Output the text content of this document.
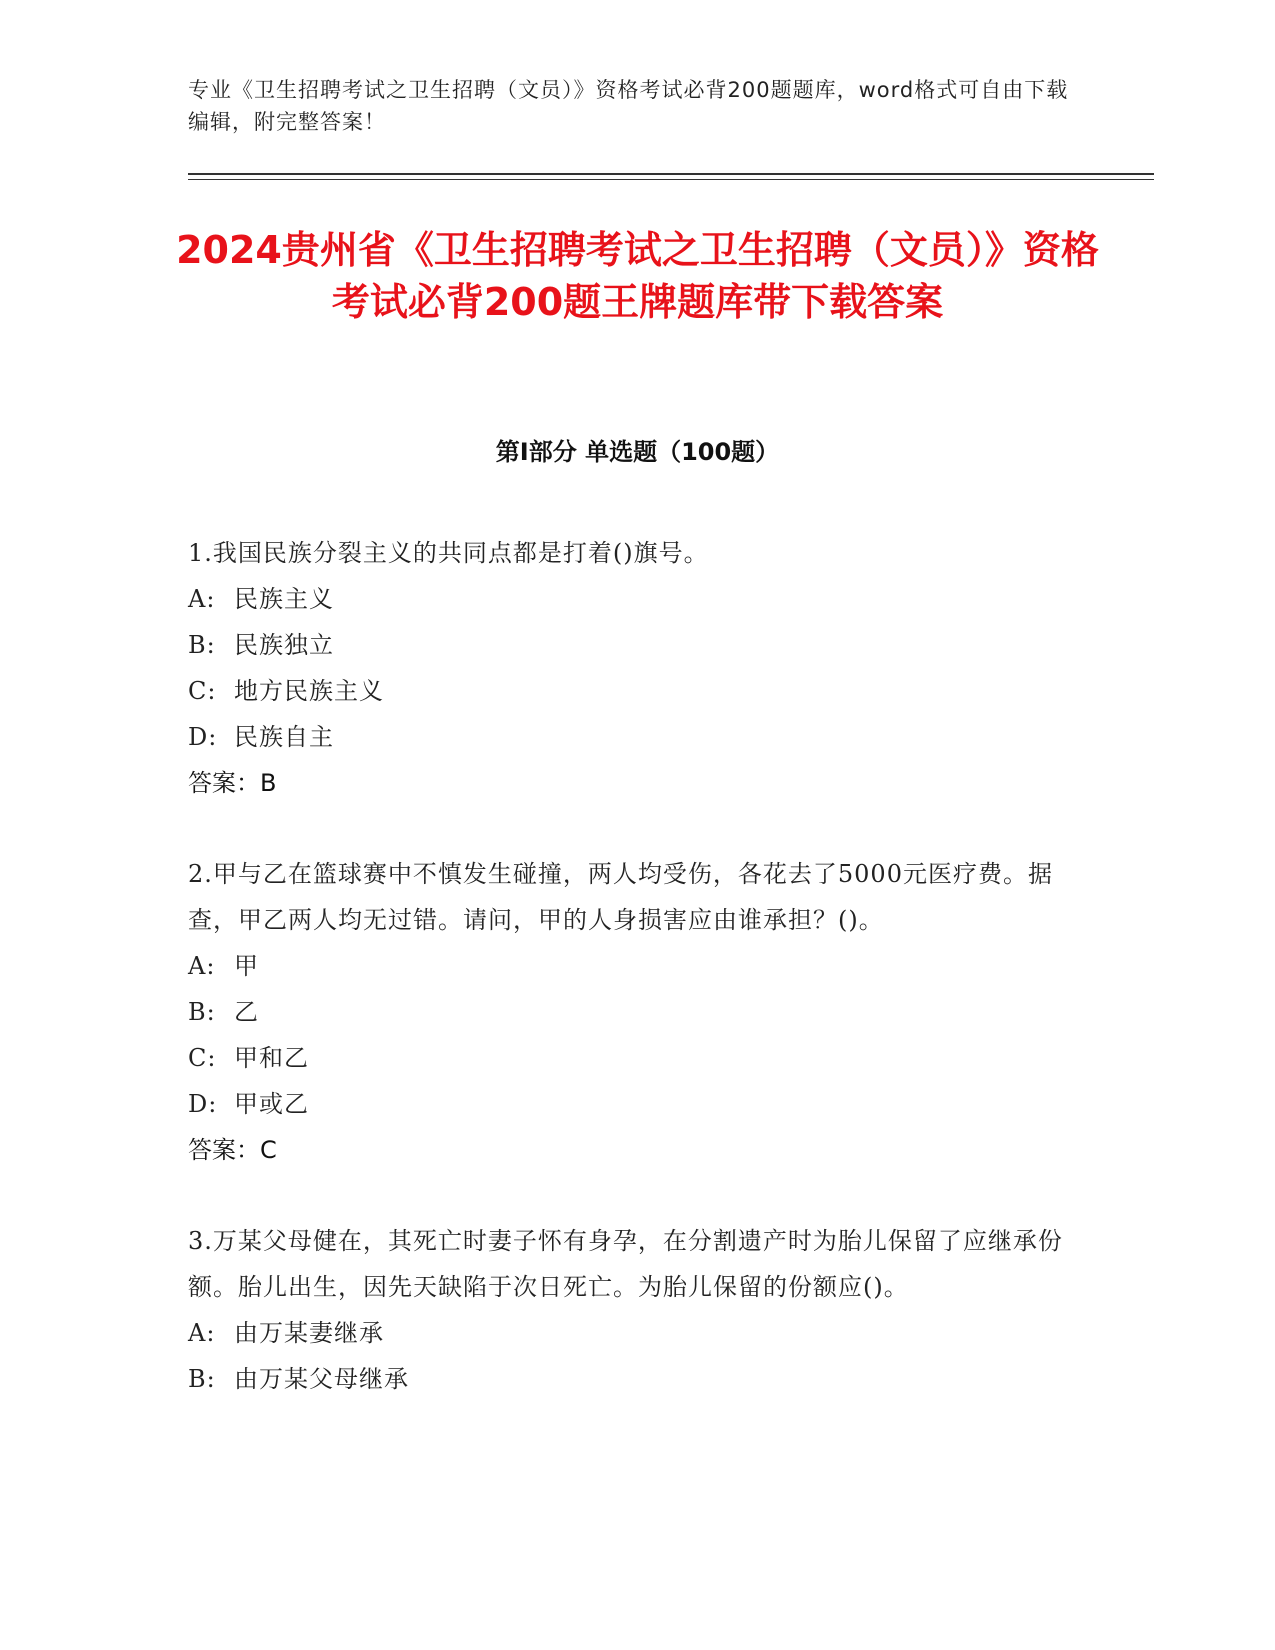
专业《卫生招聘考试之卫生招聘（文员）》资格考试必背200题题库，word格式可自由下载编辑，附完整答案！
2024贵州省《卫生招聘考试之卫生招聘（文员）》资格考试必背200题王牌题库带下载答案
第I部分 单选题（100题）
1.我国民族分裂主义的共同点都是打着()旗号。
A: 民族主义
B: 民族独立
C: 地方民族主义
D: 民族自主
答案：B
2.甲与乙在篮球赛中不慎发生碰撞，两人均受伤，各花去了5000元医疗费。据查，甲乙两人均无过错。请问，甲的人身损害应由谁承担？()。
A: 甲
B: 乙
C: 甲和乙
D: 甲或乙
答案：C
3.万某父母健在，其死亡时妻子怀有身孕，在分割遗产时为胎儿保留了应继承份额。胎儿出生，因先天缺陷于次日死亡。为胎儿保留的份额应()。
A: 由万某妻继承
B: 由万某父母继承
